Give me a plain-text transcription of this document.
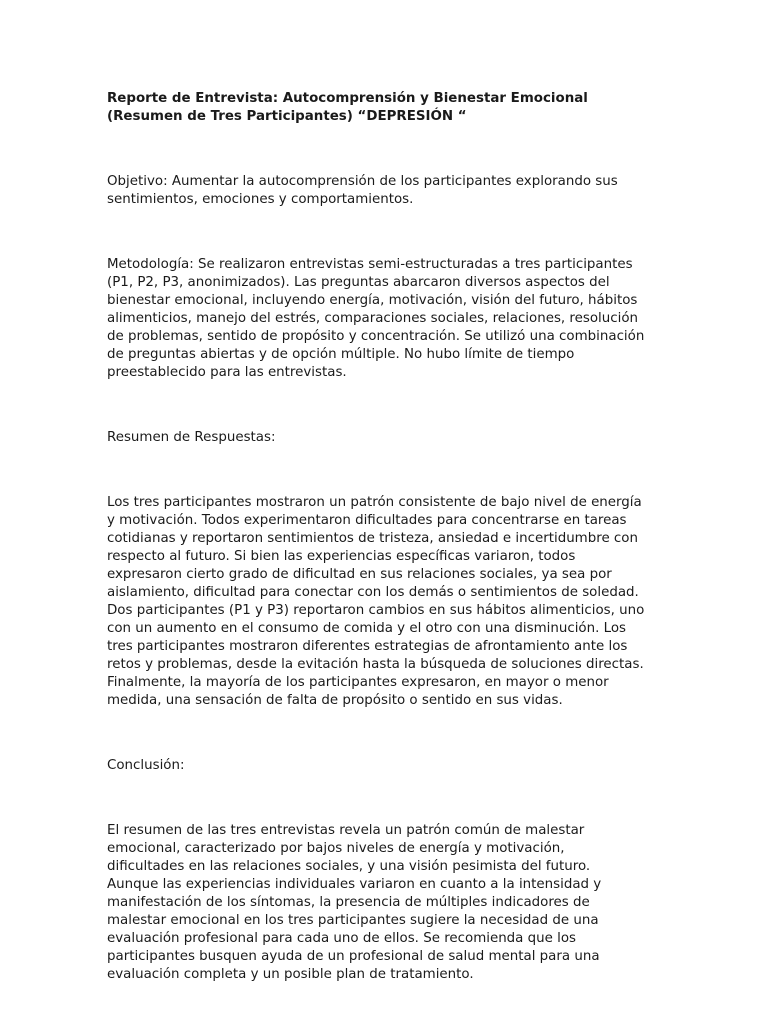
Reporte de Entrevista: Autocomprensión y Bienestar Emocional
(Resumen de Tres Participantes) “DEPRESIÓN “

Objetivo: Aumentar la autocomprensión de los participantes explorando sus
sentimientos, emociones y comportamientos.

Metodología: Se realizaron entrevistas semi-estructuradas a tres participantes
(P1, P2, P3, anonimizados). Las preguntas abarcaron diversos aspectos del
bienestar emocional, incluyendo energía, motivación, visión del futuro, hábitos
alimenticios, manejo del estrés, comparaciones sociales, relaciones, resolución
de problemas, sentido de propósito y concentración. Se utilizó una combinación
de preguntas abiertas y de opción múltiple. No hubo límite de tiempo
preestablecido para las entrevistas.

Resumen de Respuestas:

Los tres participantes mostraron un patrón consistente de bajo nivel de energía
y motivación. Todos experimentaron dificultades para concentrarse en tareas
cotidianas y reportaron sentimientos de tristeza, ansiedad e incertidumbre con
respecto al futuro. Si bien las experiencias específicas variaron, todos
expresaron cierto grado de dificultad en sus relaciones sociales, ya sea por
aislamiento, dificultad para conectar con los demás o sentimientos de soledad.
Dos participantes (P1 y P3) reportaron cambios en sus hábitos alimenticios, uno
con un aumento en el consumo de comida y el otro con una disminución. Los
tres participantes mostraron diferentes estrategias de afrontamiento ante los
retos y problemas, desde la evitación hasta la búsqueda de soluciones directas.
Finalmente, la mayoría de los participantes expresaron, en mayor o menor
medida, una sensación de falta de propósito o sentido en sus vidas.

Conclusión:

El resumen de las tres entrevistas revela un patrón común de malestar
emocional, caracterizado por bajos niveles de energía y motivación,
dificultades en las relaciones sociales, y una visión pesimista del futuro.
Aunque las experiencias individuales variaron en cuanto a la intensidad y
manifestación de los síntomas, la presencia de múltiples indicadores de
malestar emocional en los tres participantes sugiere la necesidad de una
evaluación profesional para cada uno de ellos. Se recomienda que los
participantes busquen ayuda de un profesional de salud mental para una
evaluación completa y un posible plan de tratamiento.
